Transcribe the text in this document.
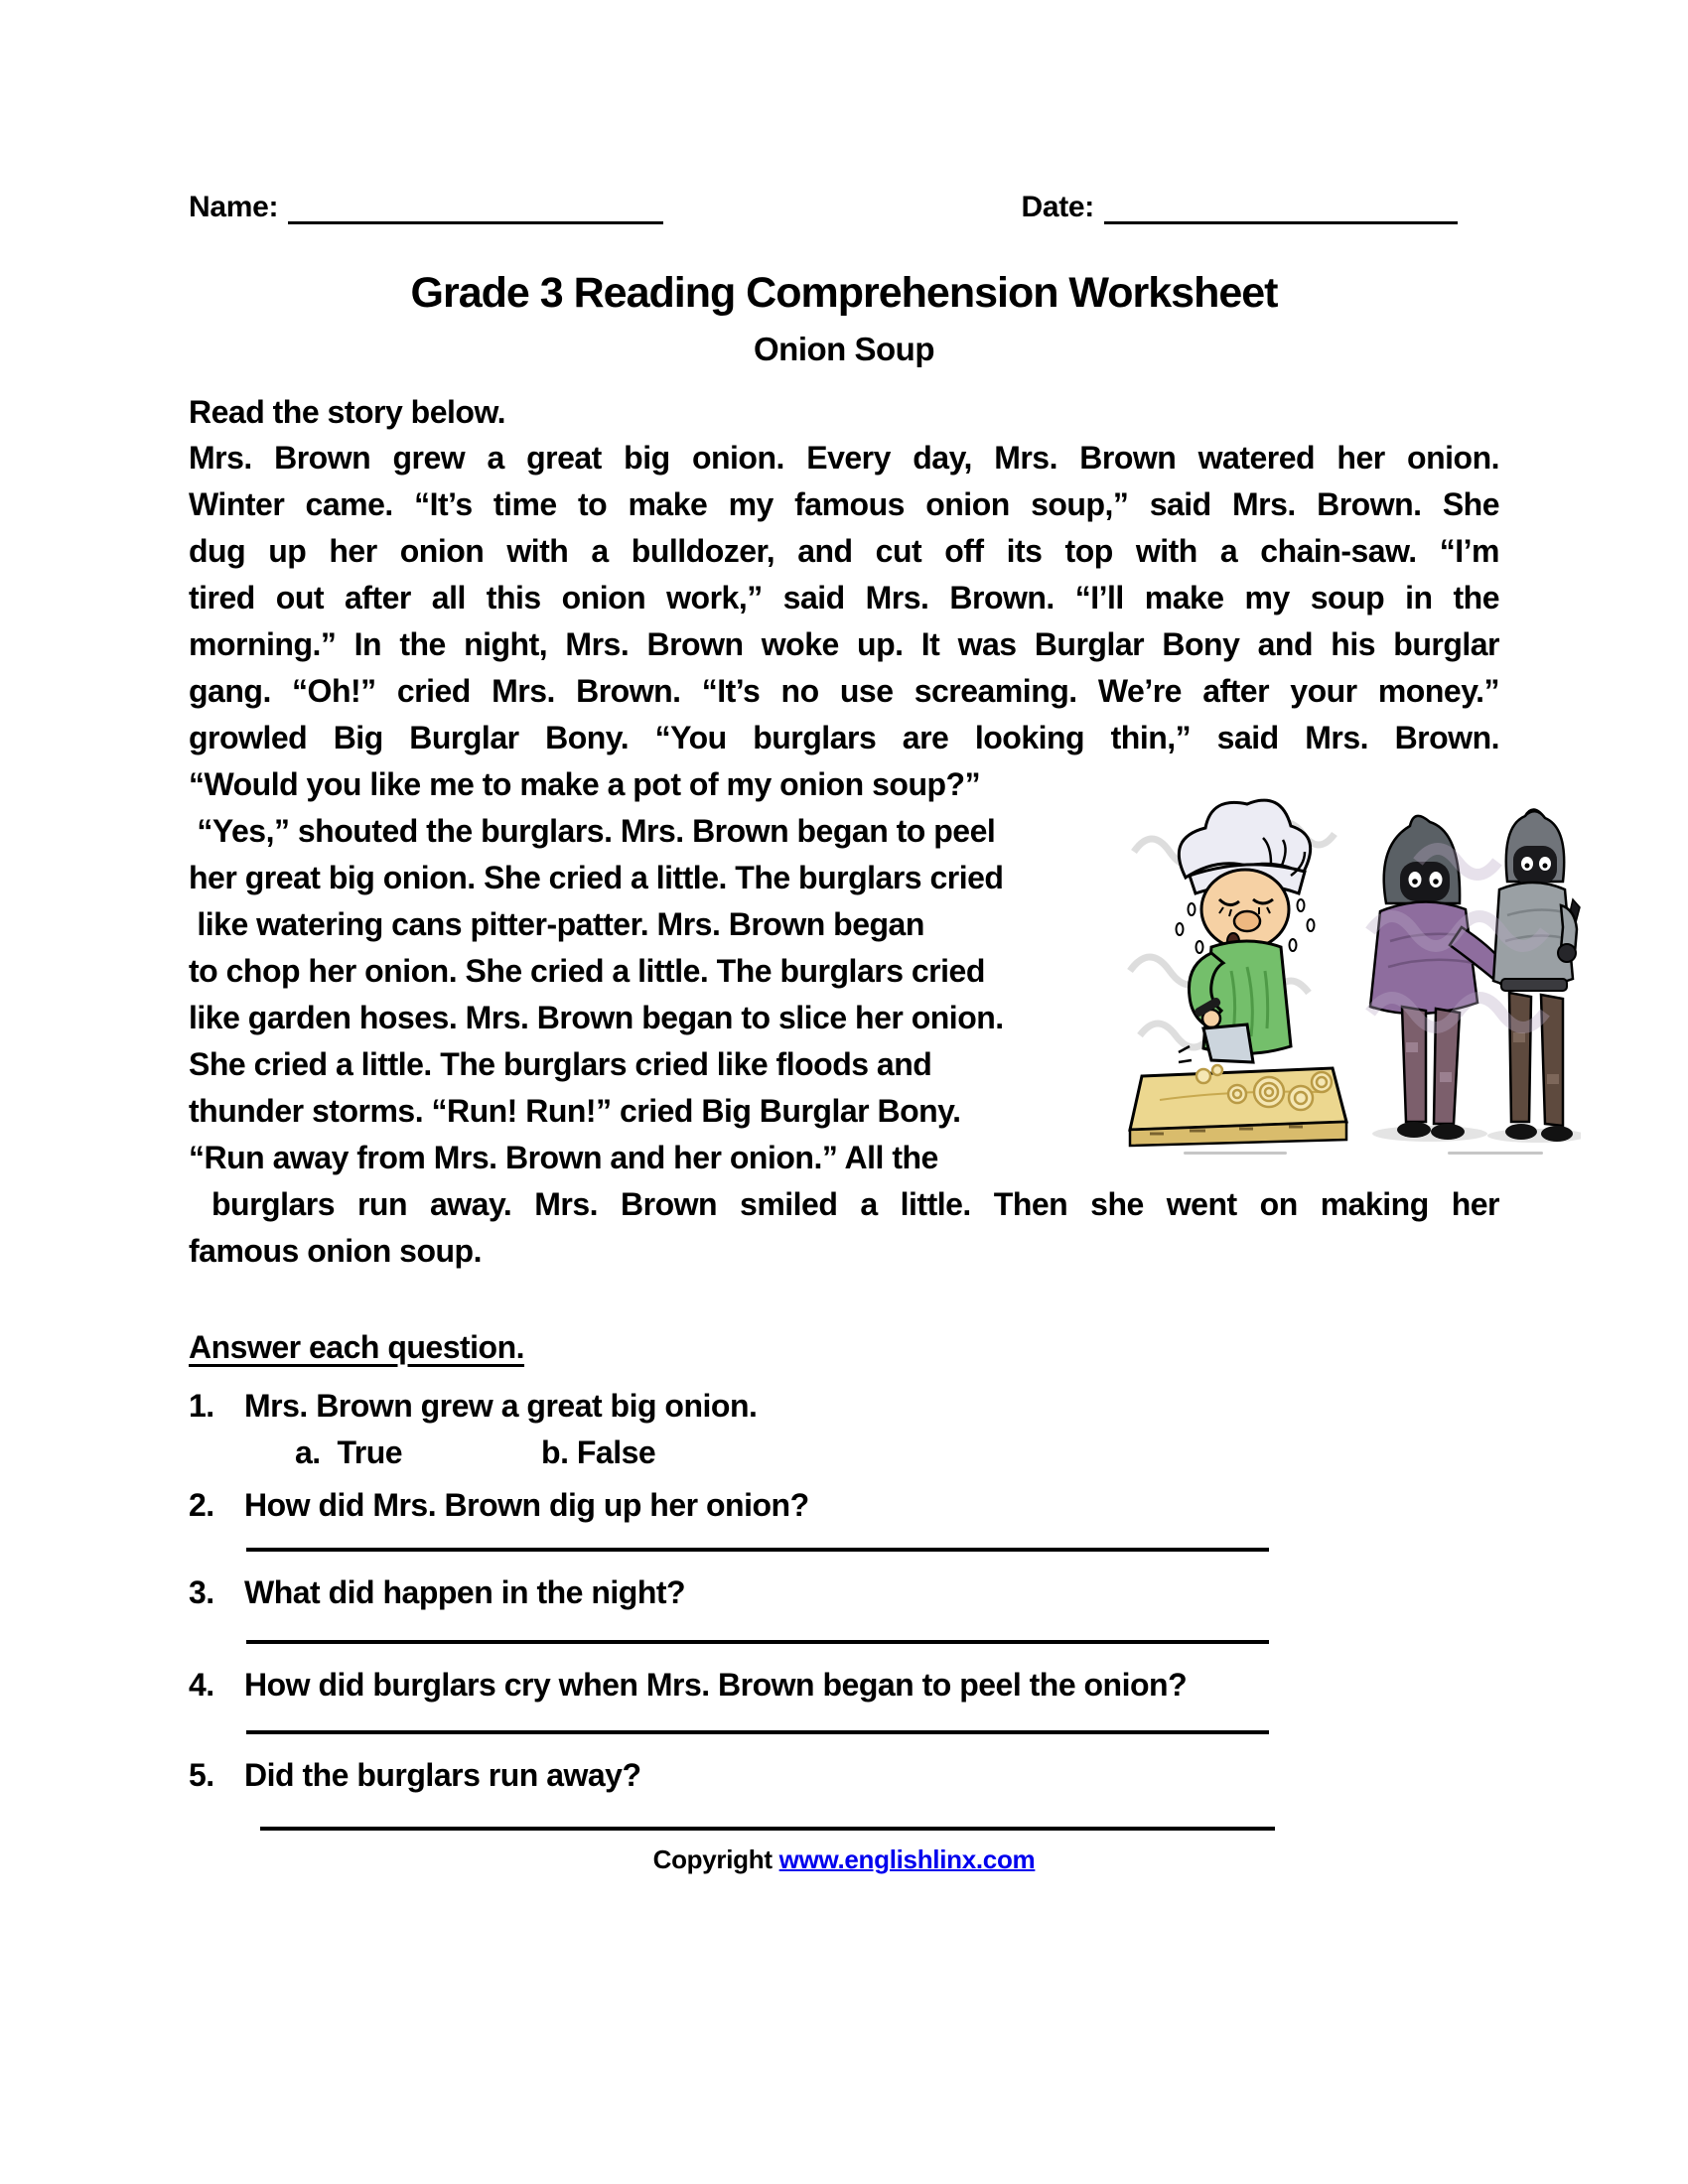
Name:	Date:
Grade 3 Reading Comprehension Worksheet
Onion Soup
Read the story below.
Mrs. Brown grew a great big onion. Every day, Mrs. Brown watered her onion.
Winter came. “It’s time to make my famous onion soup,” said Mrs. Brown. She
dug up her onion with a bulldozer, and cut off its top with a chain-saw. “I’m
tired out after all this onion work,” said Mrs. Brown. “I’ll make my soup in the
morning.” In the night, Mrs. Brown woke up. It was Burglar Bony and his burglar
gang. “Oh!” cried Mrs. Brown. “It’s no use screaming. We’re after your money.”
growled Big Burglar Bony. “You burglars are looking thin,” said Mrs. Brown.
“Would you like me to make a pot of my onion soup?”
“Yes,” shouted the burglars. Mrs. Brown began to peel
her great big onion. She cried a little. The burglars cried
like watering cans pitter-patter. Mrs. Brown began
to chop her onion. She cried a little. The burglars cried
like garden hoses. Mrs. Brown began to slice her onion.
She cried a little. The burglars cried like floods and
thunder storms. “Run! Run!” cried Big Burglar Bony.
“Run away from Mrs. Brown and her onion.” All the
burglars run away. Mrs. Brown smiled a little. Then she went on making her
famous onion soup.
Answer each question.
1. Mrs. Brown grew a great big onion.
a.  True	b. False
2. How did Mrs. Brown dig up her onion?
3. What did happen in the night?
4. How did burglars cry when Mrs. Brown began to peel the onion?
5. Did the burglars run away?
Copyright www.englishlinx.com
